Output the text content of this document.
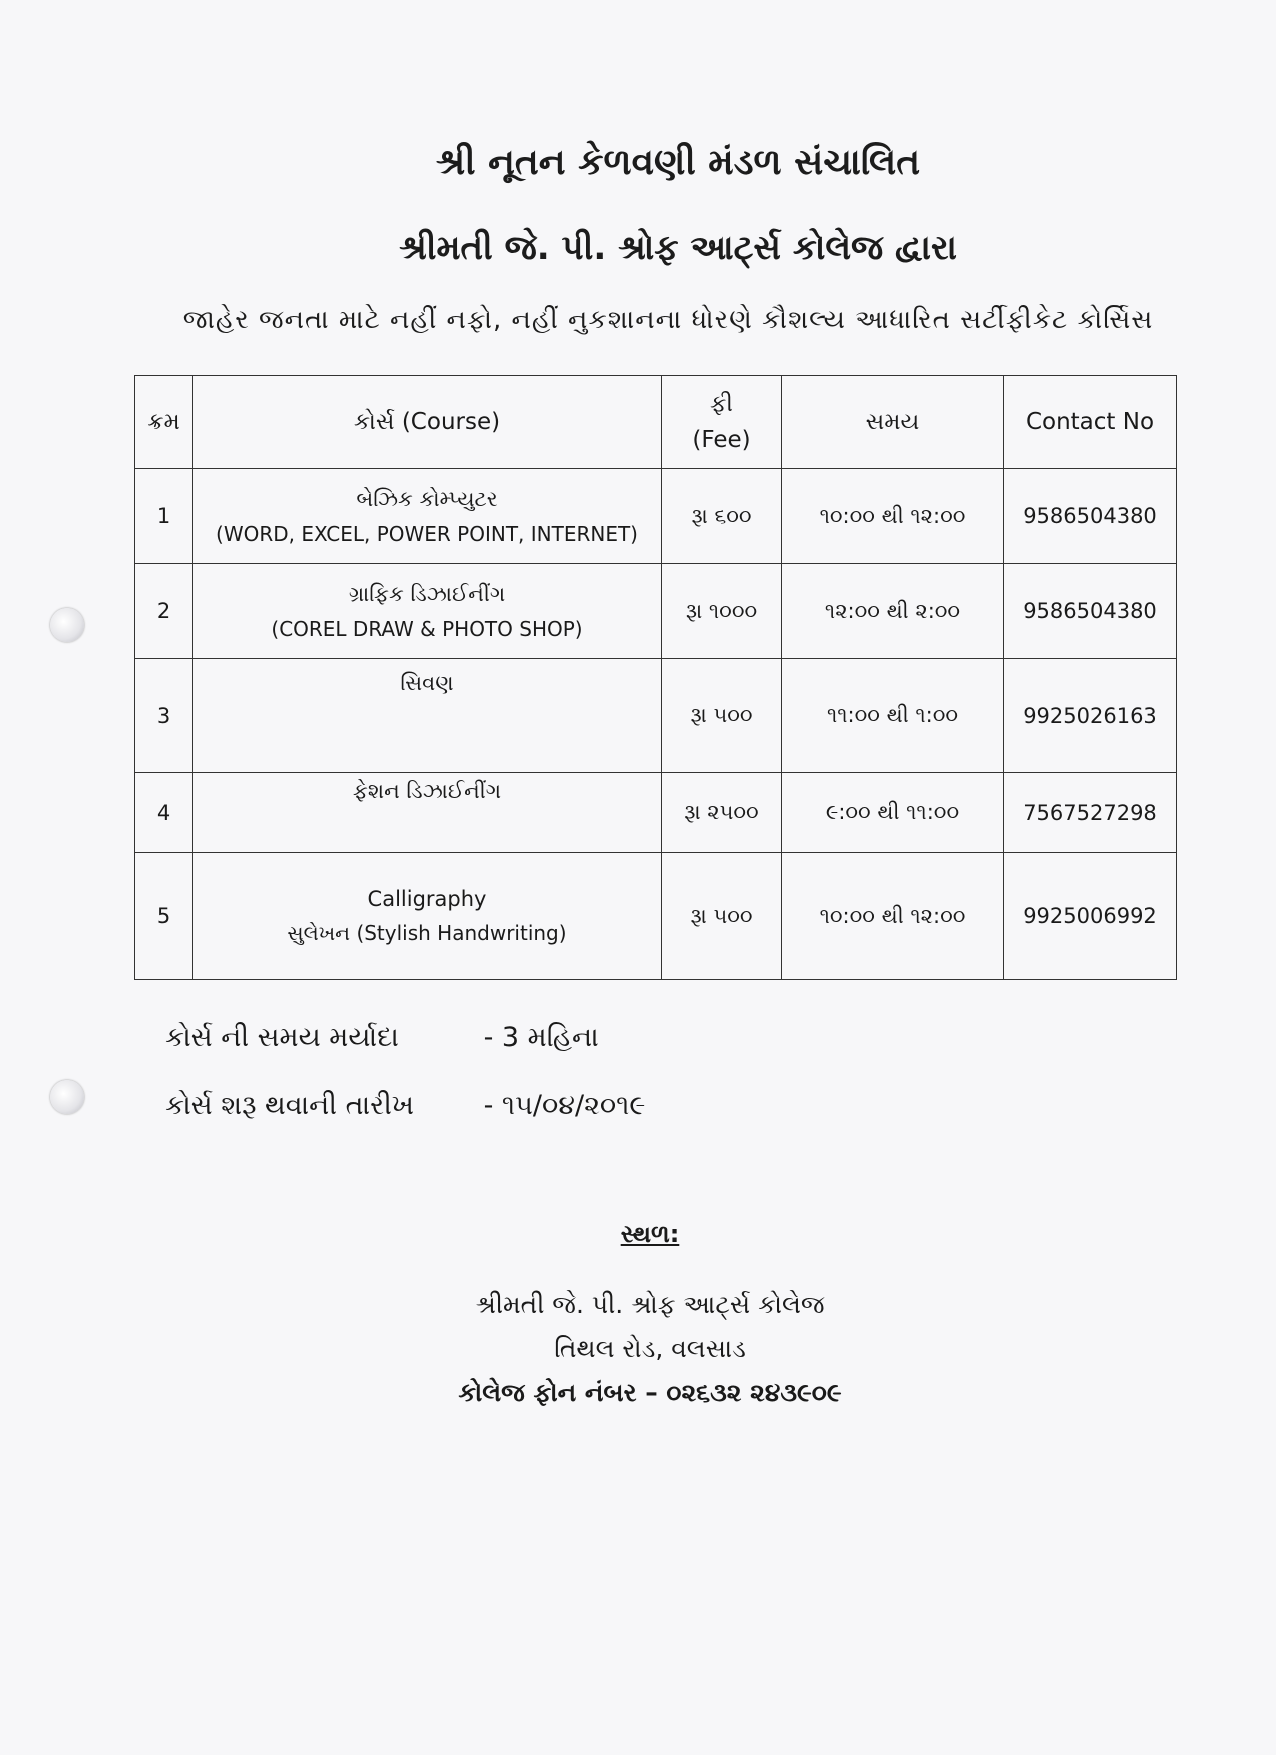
શ્રી નૂતન કેળવણી મંડળ સંચાલિત
શ્રીમતી જે. પી. શ્રોફ આર્ટ્સ કોલેજ દ્વારા
જાહેર જનતા માટે નહીં નફો, નહીં નુકશાનના ધોરણે કૌશલ્ય આધારિત સર્ટીફીકેટ કોર્સિસ
ક્રમ	કોર્સ (Course)	ફી
(Fee)	સમય	Contact No
1	બેઝિક કોમ્પ્યુટર
(WORD, EXCEL, POWER POINT, INTERNET)	રૂા ૬૦૦	૧૦:૦૦ થી ૧૨:૦૦	9586504380
2	ગ્રાફિક ડિઝાઈનીંગ
(COREL DRAW & PHOTO SHOP)	રૂા ૧૦૦૦	૧૨:૦૦ થી ૨:૦૦	9586504380
3	સિવણ	રૂા ૫૦૦	૧૧:૦૦ થી ૧:૦૦	9925026163
4	ફેશન ડિઝાઈનીંગ	રૂા ૨૫૦૦	૯:૦૦ થી ૧૧:૦૦	7567527298
5	Calligraphy
સુલેખન (Stylish Handwriting)	રૂા ૫૦૦	૧૦:૦૦ થી ૧૨:૦૦	9925006992
કોર્સ ની સમય મર્યાદા	- 3 મહિના
કોર્સ શરૂ થવાની તારીખ	- ૧૫/૦૪/૨૦૧૯
સ્થળ:
શ્રીમતી જે. પી. શ્રોફ આર્ટ્સ કોલેજ
તિથલ રોડ, વલસાડ
કોલેજ ફોન નંબર – ૦૨૬૩૨ ૨૪૩૯૦૯
